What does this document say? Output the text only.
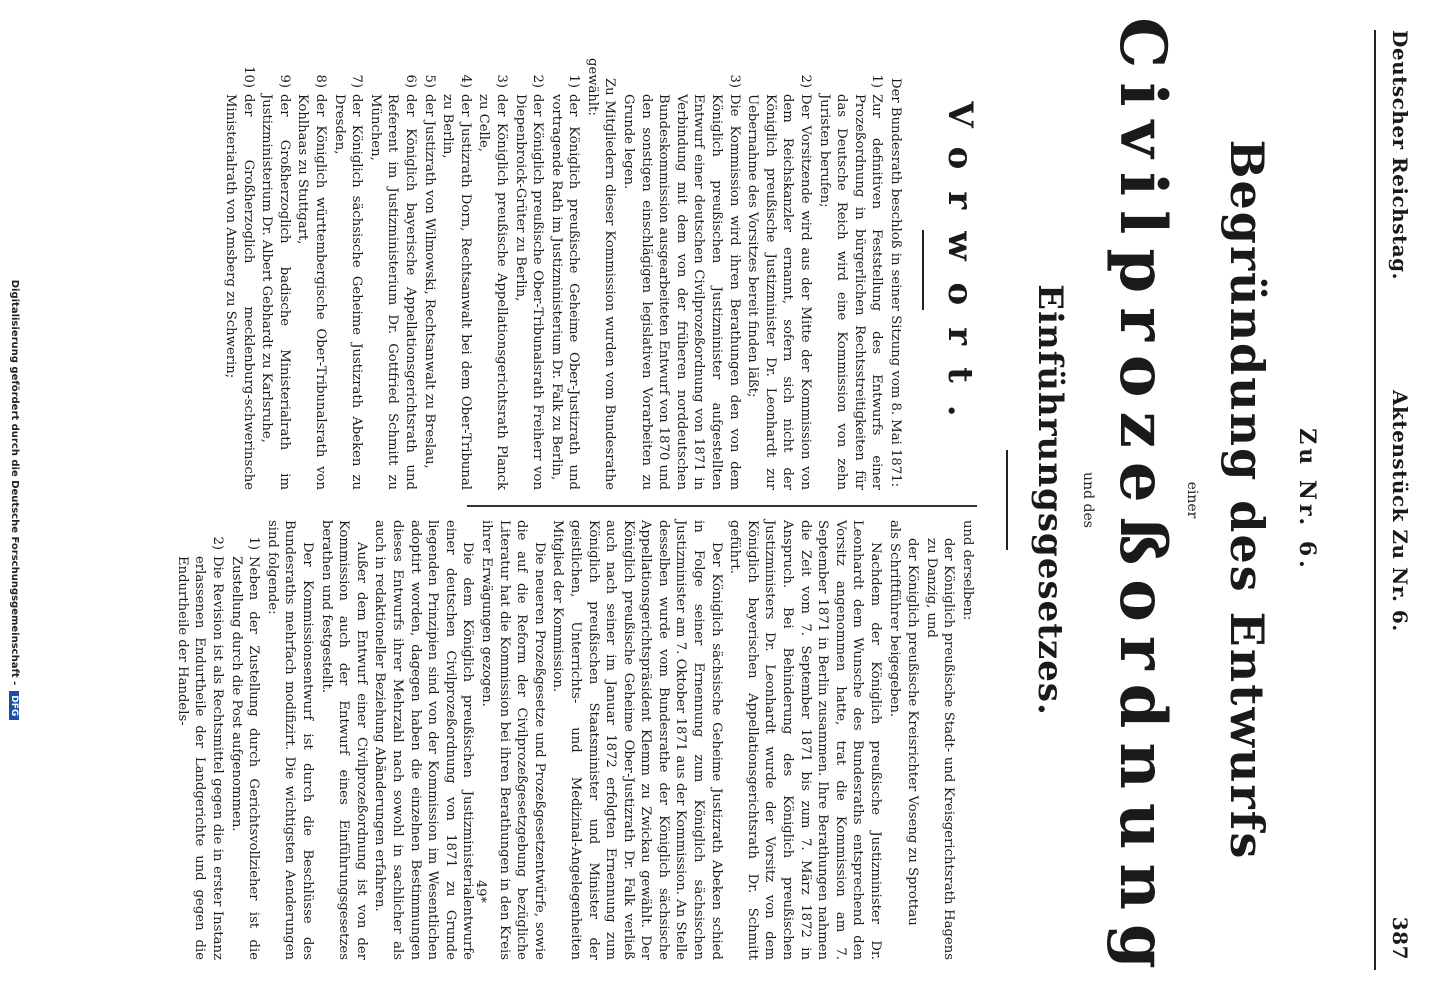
Deutscher Reichstag.
Aktenstück Zu Nr. 6.
387
Zu Nr. 6.
Begründung des Entwurfs
einer
Civilprozeßordnung
und des
Einführungsgesetzes.
Vorwort.

Der Bundesrath beschloß in seiner Sitzung vom 8. Mai 1871:

1)
Zur definitiven Feststellung des Entwurfs einer Prozeßordnung in bürgerlichen Rechtsstreitigkeiten für das Deutsche Reich wird eine Kommission von zehn Juristen berufen;
2)
Der Vorsitzende wird aus der Mitte der Kommission von dem Reichskanzler ernannt, sofern sich nicht der Königlich preußische Justizminister Dr. Leonhardt zur Uebernahme des Vorsitzes bereit finden läßt;
3)
Die Kommission wird ihren Berathungen den von dem Königlich preußischen Justizminister aufgestellten Entwurf einer deutschen Civilprozeßordnung von 1871 in Verbindung mit dem von der früheren norddeutschen Bundeskommission ausgearbeiteten Entwurf von 1870 und den sonstigen einschlägigen legislativen Vorarbeiten zu Grunde legen.

Zu Mitgliedern dieser Kommission wurden vom Bundesrathe gewählt:

1)
der Königlich preußische Geheime Ober-Justizrath und vortragende Rath im Justizministerium Dr. Falk zu Berlin,
2)
der Königlich preußische Ober-Tribunalsrath Freiherr von Diepenbroick-Grüter zu Berlin,
3)
der Königlich preußische Appellationsgerichtsrath Planck zu Celle,
4)
der Justizrath Dorn, Rechtsanwalt bei dem Ober-Tribunal zu Berlin,
5)
der Justizrath von Wilmowski, Rechtsanwalt zu Breslau,
6)
der Königlich bayerische Appellationsgerichtsrath und Referent im Justizministerium Dr. Gottfried Schmitt zu München,
7)
der Königlich sächsische Geheime Justizrath Abeken zu Dresden,
8)
der Königlich württembergische Ober-Tribunalsrath von Kohlhaas zu Stuttgart,
9)
der Großherzoglich badische Ministerialrath im Justizministerium Dr. Albert Gebhardt zu Karlsruhe,
10)
der Großherzoglich mecklenburg-schwerinsche Ministerialrath von Amsberg zu Schwerin;

und derselben:

der Königlich preußische Stadt- und Kreisgerichtsrath Hagens zu Danzig, und

der Königlich preußische Kreisrichter Voseng zu Sprottau

als Schriftführer beigegeben.

Nachdem der Königlich preußische Justizminister Dr. Leonhardt dem Wunsche des Bundesraths entsprechend den Vorsitz angenommen hatte, trat die Kommission am 7. September 1871 in Berlin zusammen. Ihre Berathungen nahmen die Zeit vom 7. September 1871 bis zum 7. März 1872 in Anspruch. Bei Behinderung des Königlich preußischen Justizministers Dr. Leonhardt wurde der Vorsitz von dem Königlich bayerischen Appellationsgerichtsrath Dr. Schmitt geführt.

Der Königlich sächsische Geheime Justizrath Abeken schied in Folge seiner Ernennung zum Königlich sächsischen Justizminister am 7. Oktober 1871 aus der Kommission. An Stelle desselben wurde vom Bundesrathe der Königlich sächsische Appellationsgerichtspräsident Klemm zu Zwickau gewählt. Der Königlich preußische Geheime Ober-Justizrath Dr. Falk verließ auch nach seiner im Januar 1872 erfolgten Ernennung zum Königlich preußischen Staatsminister und Minister der geistlichen, Unterrichts- und Medizinal-Angelegenheiten Mitglied der Kommission.

Die neueren Prozeßgesetze und Prozeßgesetzentwürfe, sowie die auf die Reform der Civilprozeßgesetzgebung bezügliche Literatur hat die Kommission bei ihren Berathungen in den Kreis ihrer Erwägungen gezogen.

Die dem Königlich preußischen Justizministerialentwurfe einer deutschen Civilprozeßordnung von 1871 zu Grunde liegenden Prinzipien sind von der Kommission im Wesentlichen adoptirt worden, dagegen haben die einzelnen Bestimmungen dieses Entwurfs ihrer Mehrzahl nach sowohl in sachlicher als auch in redaktioneller Beziehung Abänderungen erfahren.

Außer dem Entwurf einer Civilprozeßordnung ist von der Kommission auch der Entwurf eines Einführungsgesetzes berathen und festgestellt.

Der Kommissionsentwurf ist durch die Beschlüsse des Bundesraths mehrfach modifizirt. Die wichtigsten Aenderungen sind folgende:

1)
Neben der Zustellung durch Gerichtsvollzieher ist die Zustellung durch die Post aufgenommen.
2)
Die Revision ist als Rechtsmittel gegen die in erster Instanz erlassenen Endurtheile der Landgerichte und gegen die Endurtheile der Handels-
49*
Digitalisierung gefördert durch die Deutsche Forschungsgemeinschaft -DFG
